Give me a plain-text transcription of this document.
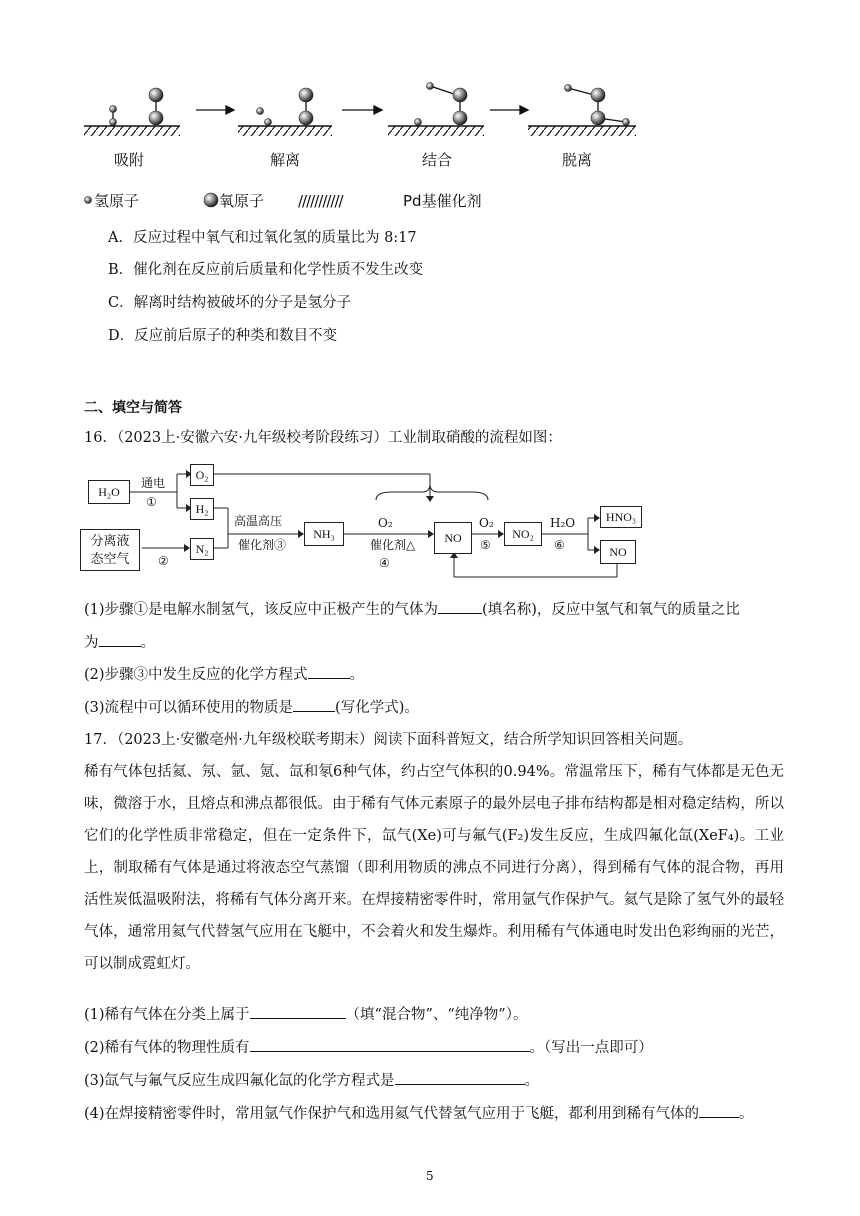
吸附	解离	结合	脱离
氢原子	氧原子 ///////////	Pd基催化剂
A．反应过程中氧气和过氧化氢的质量比为 8:17
B．催化剂在反应前后质量和化学性质不发生改变
C．解离时结构被破坏的分子是氢分子
D．反应前后原子的种类和数目不变
二、填空与简答
16．（2023上·安徽六安·九年级校考阶段练习）工业制取硝酸的流程如图：
H₂O
O₂
H₂
N₂
分离液态空气
NH₃	NO	NO₂
HNO₃
NO
通电
①
②
高温高压
催化剂③
O₂
催化剂△
④
O₂
⑤
H₂O
⑥
(1)步骤①是电解水制氢气，该反应中正极产生的气体为	(填名称)，反应中氢气和氧气的质量之比
为	。
(2)步骤③中发生反应的化学方程式	。
(3)流程中可以循环使用的物质是	(写化学式)。
17．（2023上·安徽亳州·九年级校联考期末）阅读下面科普短文，结合所学知识回答相关问题。
稀有气体包括氦、氖、氩、氪、氙和氡6种气体，约占空气体积的0.94%。常温常压下，稀有气体都是无色无味，微溶于水，且熔点和沸点都很低。由于稀有气体元素原子的最外层电子排布结构都是相对稳定结构，所以它们的化学性质非常稳定，但在一定条件下，氙气(Xe)可与氟气(F₂)发生反应，生成四氟化氙(XeF₄)。工业上，制取稀有气体是通过将液态空气蒸馏（即利用物质的沸点不同进行分离），得到稀有气体的混合物，再用活性炭低温吸附法，将稀有气体分离开来。在焊接精密零件时，常用氩气作保护气。氦气是除了氢气外的最轻气体，通常用氦气代替氢气应用在飞艇中，不会着火和发生爆炸。利用稀有气体通电时发出色彩绚丽的光芒，可以制成霓虹灯。
(1)稀有气体在分类上属于	（填“混合物”、“纯净物”）。
(2)稀有气体的物理性质有	。（写出一点即可）
(3)氙气与氟气反应生成四氟化氙的化学方程式是	。
(4)在焊接精密零件时，常用氩气作保护气和选用氦气代替氢气应用于飞艇，都利用到稀有气体的	。
5
